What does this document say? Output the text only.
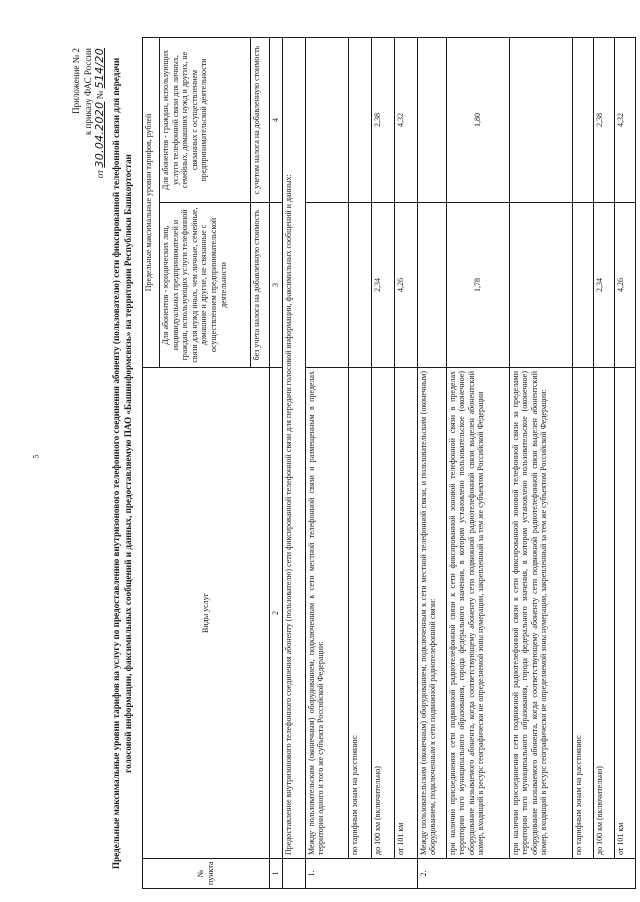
5
Приложение № 2 к приказу ФАС России
от 30.04.2020 № 514/20 Предельные максимальные уровни тарифов на услугу по предоставлению внутризонового телефонного соединения абоненту (пользователю) сети фиксированной телефонной связи для передачи голосовой информации, факсимильных сообщений и данных, предоставляемую ПАО «Башинформсвязь» на территории Республики Башкортостан
№ пункта	Виды услуг	Предельные максимальные уровни тарифов, рублей	
		Для абонентов - юридических лиц, индивидуальных предпринимателей и граждан, использующих услуги телефонной связи для нужд иных, чем личные, семейные, домашние и другие, не связанные с осуществлением предпринимательской деятельности	Для абонентов - граждан, использующих услуги телефонной связи для личных, семейных, домашних нужд и других, не связанных с осуществлением предпринимательской деятельности
		без учета налога на добавленную стоимость	с учетом налога на добавленную стоимость
1	2	3	4
	Предоставление внутризонового телефонного соединения абоненту (пользователю) сети фиксированной телефонной связи для передачи голосовой информации, факсимильных сообщений и данных:		
1.	Между пользовательским (оконечным) оборудованием, подключенным к сети местной телефонной связи и размещенным в пределах территории одного и того же субъекта Российской Федерации:		
	по тарифным зонам на расстоянии:		
	до 100 км (включительно)	2,34	2,38
	от 101 км	4,26	4,32
2.	Между пользовательским (оконечным) оборудованием, подключенным к сети местной телефонной связи, и пользовательским (оконечным) оборудованием, подключенным к сети подвижной радиотелефонной связи:		
	при наличии присоединения сети подвижной радиотелефонной связи к сети фиксированной зоновой телефонной связи в пределах территории того муниципального образования, города федерального значения, в котором установлено пользовательское (оконечное) оборудование вызываемого абонента, когда соответствующему абоненту сети подвижной радиотелефонной связи выделен абонентский номер, входящий в ресурс географически не определяемой зоны нумерации, закрепленный за тем же субъектом Российской Федерации	1,78	1,80
	при наличии присоединения сети подвижной радиотелефонной связи к сети фиксированной зоновой телефонной связи за пределами территории того муниципального образования, города федерального значения, в котором установлено пользовательское (оконечное) оборудование вызываемого абонента, когда соответствующему абоненту сети подвижной радиотелефонной связи выделен абонентский номер, входящий в ресурс географически не определяемой зоны нумерации, закрепленный за тем же субъектом Российской Федерации:		
	по тарифным зонам на расстоянии:		
	до 100 км (включительно)	2,34	2,38
	от 101 км	4,26	4,32
